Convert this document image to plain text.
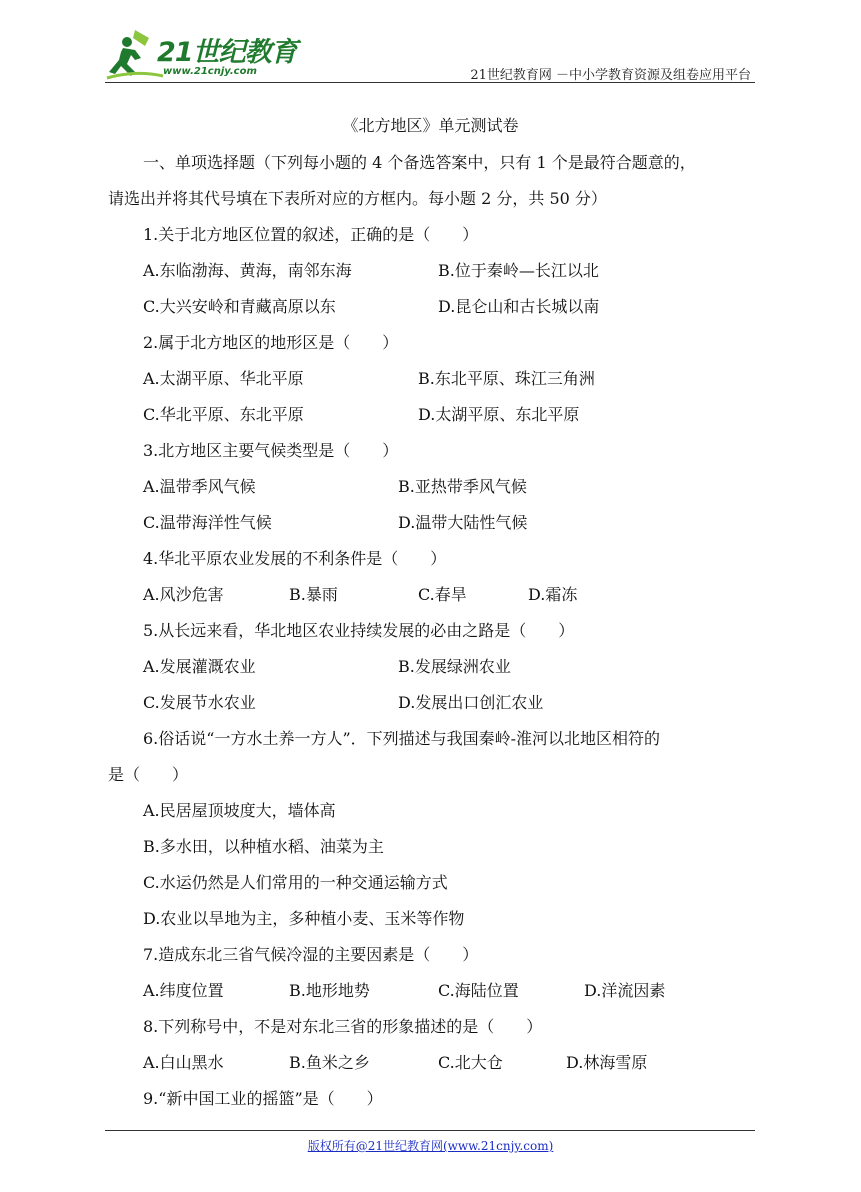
21世纪教育
www.21cnjy.com	21世纪教育网 －中小学教育资源及组卷应用平台
《北方地区》单元测试卷
一、单项选择题（下列每小题的 4 个备选答案中，只有 1 个是最符合题意的，
请选出并将其代号填在下表所对应的方框内。每小题 2 分，共 50 分）
1.关于北方地区位置的叙述，正确的是（　　）
A.东临渤海、黄海，南邻东海	B.位于秦岭—长江以北
C.大兴安岭和青藏高原以东	D.昆仑山和古长城以南
2.属于北方地区的地形区是（　　）
A.太湖平原、华北平原	B.东北平原、珠江三角洲
C.华北平原、东北平原	D.太湖平原、东北平原
3.北方地区主要气候类型是（　　）
A.温带季风气候	B.亚热带季风气候
C.温带海洋性气候	D.温带大陆性气候
4.华北平原农业发展的不利条件是（　　）
A.风沙危害	B.暴雨	C.春旱	D.霜冻
5.从长远来看，华北地区农业持续发展的必由之路是（　　）
A.发展灌溉农业	B.发展绿洲农业
C.发展节水农业	D.发展出口创汇农业
6.俗话说“一方水土养一方人”．下列描述与我国秦岭-淮河以北地区相符的
是（　　）
A.民居屋顶坡度大，墙体高
B.多水田，以种植水稻、油菜为主
C.水运仍然是人们常用的一种交通运输方式
D.农业以旱地为主，多种植小麦、玉米等作物
7.造成东北三省气候冷湿的主要因素是（　　）
A.纬度位置	B.地形地势	C.海陆位置	D.洋流因素
8.下列称号中，不是对东北三省的形象描述的是（　　）
A.白山黑水	B.鱼米之乡	C.北大仓	D.林海雪原
9.“新中国工业的摇篮”是（　　）
版权所有@21世纪教育网(www.21cnjy.com)
